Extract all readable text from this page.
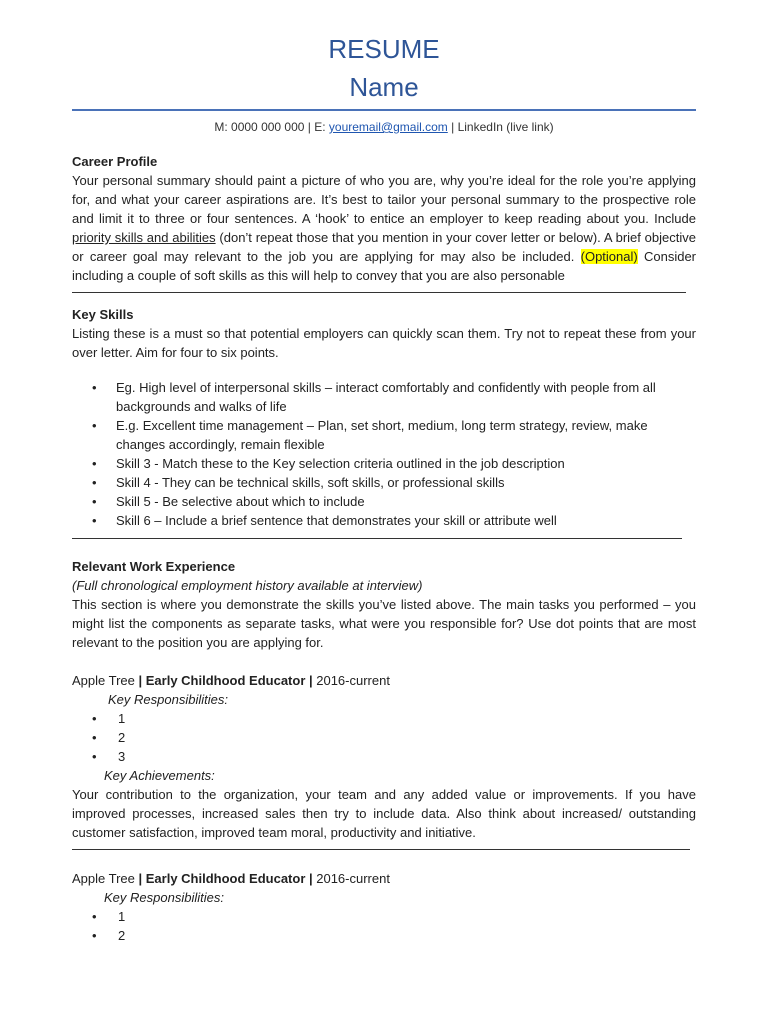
RESUME
Name
M: 0000 000 000 | E: youremail@gmail.com | LinkedIn (live link)
Career Profile
Your personal summary should paint a picture of who you are, why you’re ideal for the role you’re applying for, and what your career aspirations are. It’s best to tailor your personal summary to the prospective role and limit it to three or four sentences. A ‘hook’ to entice an employer to keep reading about you. Include priority skills and abilities (don’t repeat those that you mention in your cover letter or below). A brief objective or career goal may relevant to the job you are applying for may also be included. (Optional) Consider including a couple of soft skills as this will help to convey that you are also personable
Key Skills
Listing these is a must so that potential employers can quickly scan them. Try not to repeat these from your over letter. Aim for four to six points.
• Eg. High level of interpersonal skills – interact comfortably and confidently with people from all backgrounds and walks of life
• E.g. Excellent time management – Plan, set short, medium, long term strategy, review, make changes accordingly, remain flexible
• Skill 3 - Match these to the Key selection criteria outlined in the job description
• Skill 4 - They can be technical skills, soft skills, or professional skills
• Skill 5 - Be selective about which to include
• Skill 6 – Include a brief sentence that demonstrates your skill or attribute well
Relevant Work Experience
(Full chronological employment history available at interview)
This section is where you demonstrate the skills you’ve listed above. The main tasks you performed – you might list the components as separate tasks, what were you responsible for? Use dot points that are most relevant to the position you are applying for.
Apple Tree | Early Childhood Educator | 2016-current
Key Responsibilities:
• 1
• 2
• 3
Key Achievements:
Your contribution to the organization, your team and any added value or improvements. If you have improved processes, increased sales then try to include data. Also think about increased/ outstanding customer satisfaction, improved team moral, productivity and initiative.
Apple Tree | Early Childhood Educator | 2016-current
Key Responsibilities:
• 1
• 2
